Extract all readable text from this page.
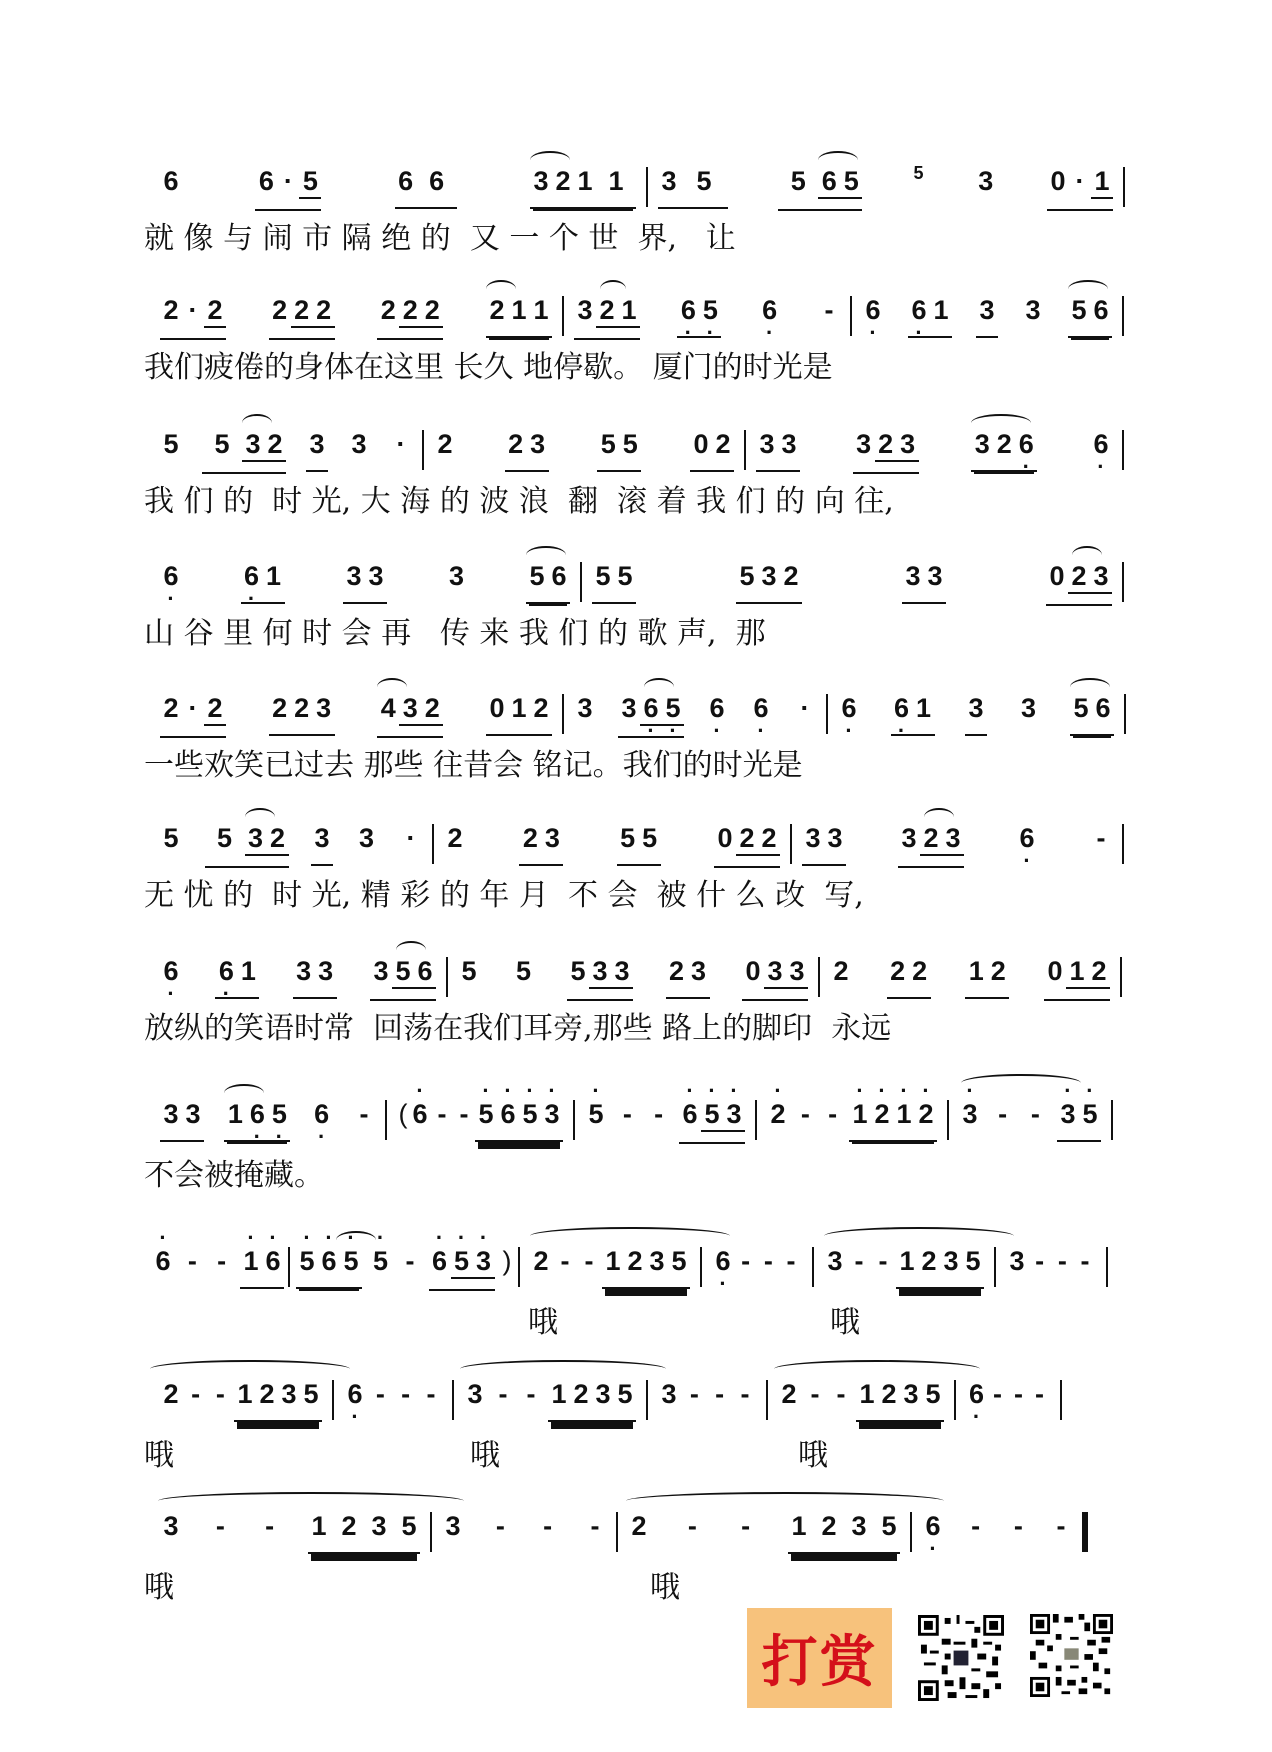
6	6 · 5	6 6	3 2 1 1	3 5	5 6 5	5 3 0 · 1
就 像 与 闹 市 隔 绝 的  又 一 个 世  界,   让
2 · 2 2 2 2 2 2 2 2 1 1 3 2 1 6 · 5 · 6 · - 6 · 6 · 1 3 3 5 6
我们疲倦的身体在这里 长久 地停歇。 厦门的时光是
5	5 3 2 3 3 · 2 2 3 5 5 0 2 3 3 3 2 3 3 2 6 · 6 ·
我 们 的  时 光, 大 海 的 波 浪  翻  滚 着 我 们 的 向 往,
6 · 6 · 1 3 3 3 5 6 5 5	5 3 2	3 3	0 2 3
山 谷 里 何 时 会 再   传 来 我 们 的 歌 声,  那
2 · 2 2 2 3 4 3 2 0 1 2 3 3 6 · 5 · 6 · 6 · · 6 · 6 · 1 3 3 5 6
一些欢笑已过去 那些 往昔会 铭记。我们的时光是
5	5 3 2 3 3 · 2 2 3 5 5 0 2 2 3 3 3 2 3 6 · -
无 忧 的  时 光, 精 彩 的 年 月  不 会  被 什 么 改  写,
6 · 6 · 1 3 3 3 5 6 5 5 5 3 3 2 3 0 3 3 2 2 2 1 2 0 1 2
放纵的笑语时常  回荡在我们耳旁,那些 路上的脚印  永远
3 3 1 6 · 5 · 6 · - ( · 6 - - · 5 · 6 · 5 · 3 · 5 - - · 6 · 5 · 3 · 2 - - · 1 · 2 · 1 · 2 · 3 - - · 3 · 5
不会被掩藏。
· 6 - - · 1 · 6 · 5 · 6 · 5 · 5 - · 6 · 5 · 3 ) 2 - - 1 2 3 5 6 · - - - 3 - - 1 2 3 5 3 - - -
哦	哦
2 - - 1 2 3 5 6 · - - - 3 - - 1 2 3 5 3 - - - 2 - - 1 2 3 5 6 · - - -
哦	哦	哦
3 - - 1 2 3 5 3 - - - 2 - - 1 2 3 5 6 · - - -
哦	哦
打赏
